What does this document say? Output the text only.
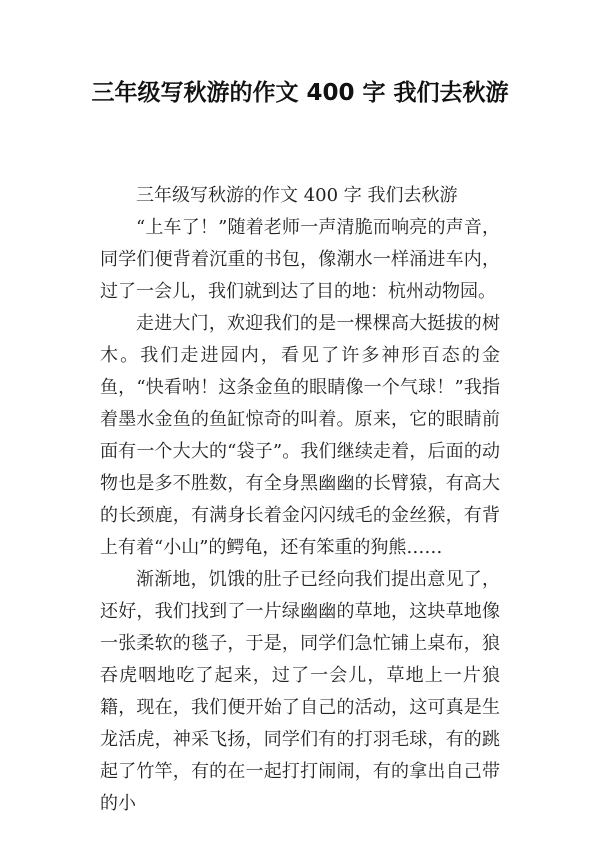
三年级写秋游的作文 400 字 我们去秋游

三年级写秋游的作文 400 字 我们去秋游

“上车了！”随着老师一声清脆而响亮的声音，同学们便背着沉重的书包，像潮水一样涌进车内，过了一会儿，我们就到达了目的地：杭州动物园。

走进大门，欢迎我们的是一棵棵高大挺拔的树木。我们走进园内，看见了许多神形百态的金鱼，“快看呐！这条金鱼的眼睛像一个气球！”我指着墨水金鱼的鱼缸惊奇的叫着。原来，它的眼睛前面有一个大大的“袋子”。我们继续走着，后面的动物也是多不胜数，有全身黑幽幽的长臂猿，有高大的长颈鹿，有满身长着金闪闪绒毛的金丝猴，有背上有着“小山”的鳄龟，还有笨重的狗熊……

渐渐地，饥饿的肚子已经向我们提出意见了，还好，我们找到了一片绿幽幽的草地，这块草地像一张柔软的毯子，于是，同学们急忙铺上桌布，狼吞虎咽地吃了起来，过了一会儿，草地上一片狼籍，现在，我们便开始了自己的活动，这可真是生龙活虎，神采飞扬，同学们有的打羽毛球，有的跳起了竹竿，有的在一起打打闹闹，有的拿出自己带的小
